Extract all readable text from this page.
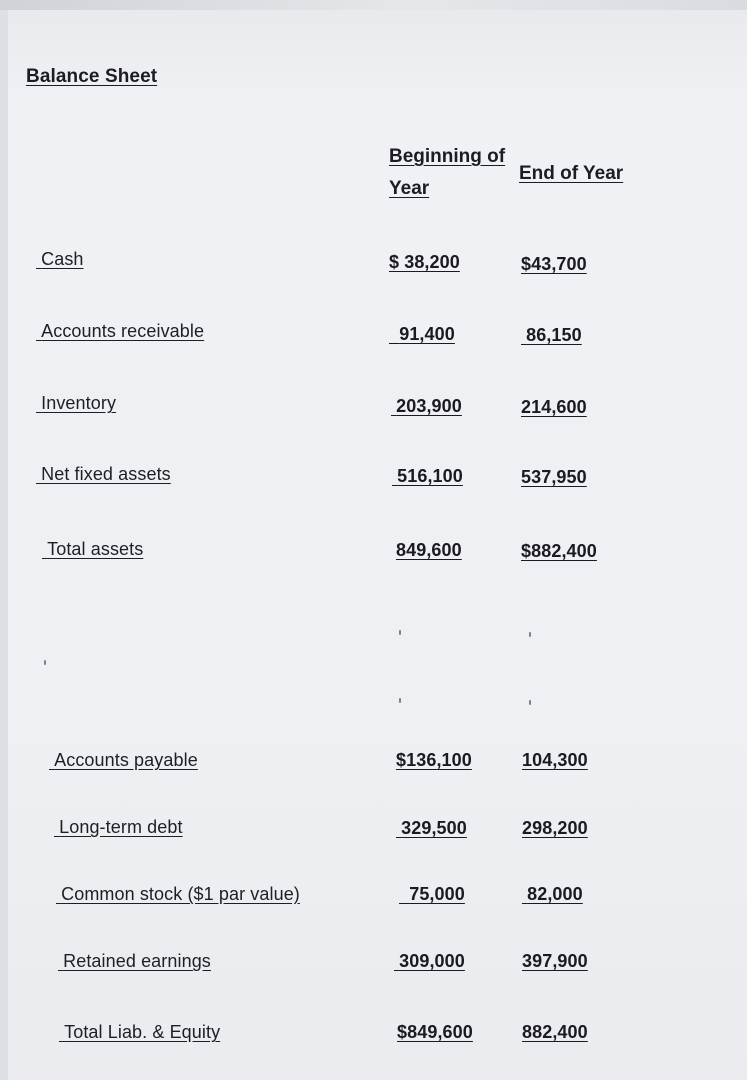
Balance Sheet
Beginning of Year
End of Year
Cash	$ 38,200	$43,700
Accounts receivable	91,400	86,150
Inventory	203,900	214,600
Net fixed assets	516,100	537,950
Total assets	849,600	$882,400
Accounts payable	$136,100	104,300
Long-term debt	329,500	298,200
Common stock ($1 par value)	75,000	82,000
Retained earnings	309,000	397,900
Total Liab. & Equity	$849,600	882,400
